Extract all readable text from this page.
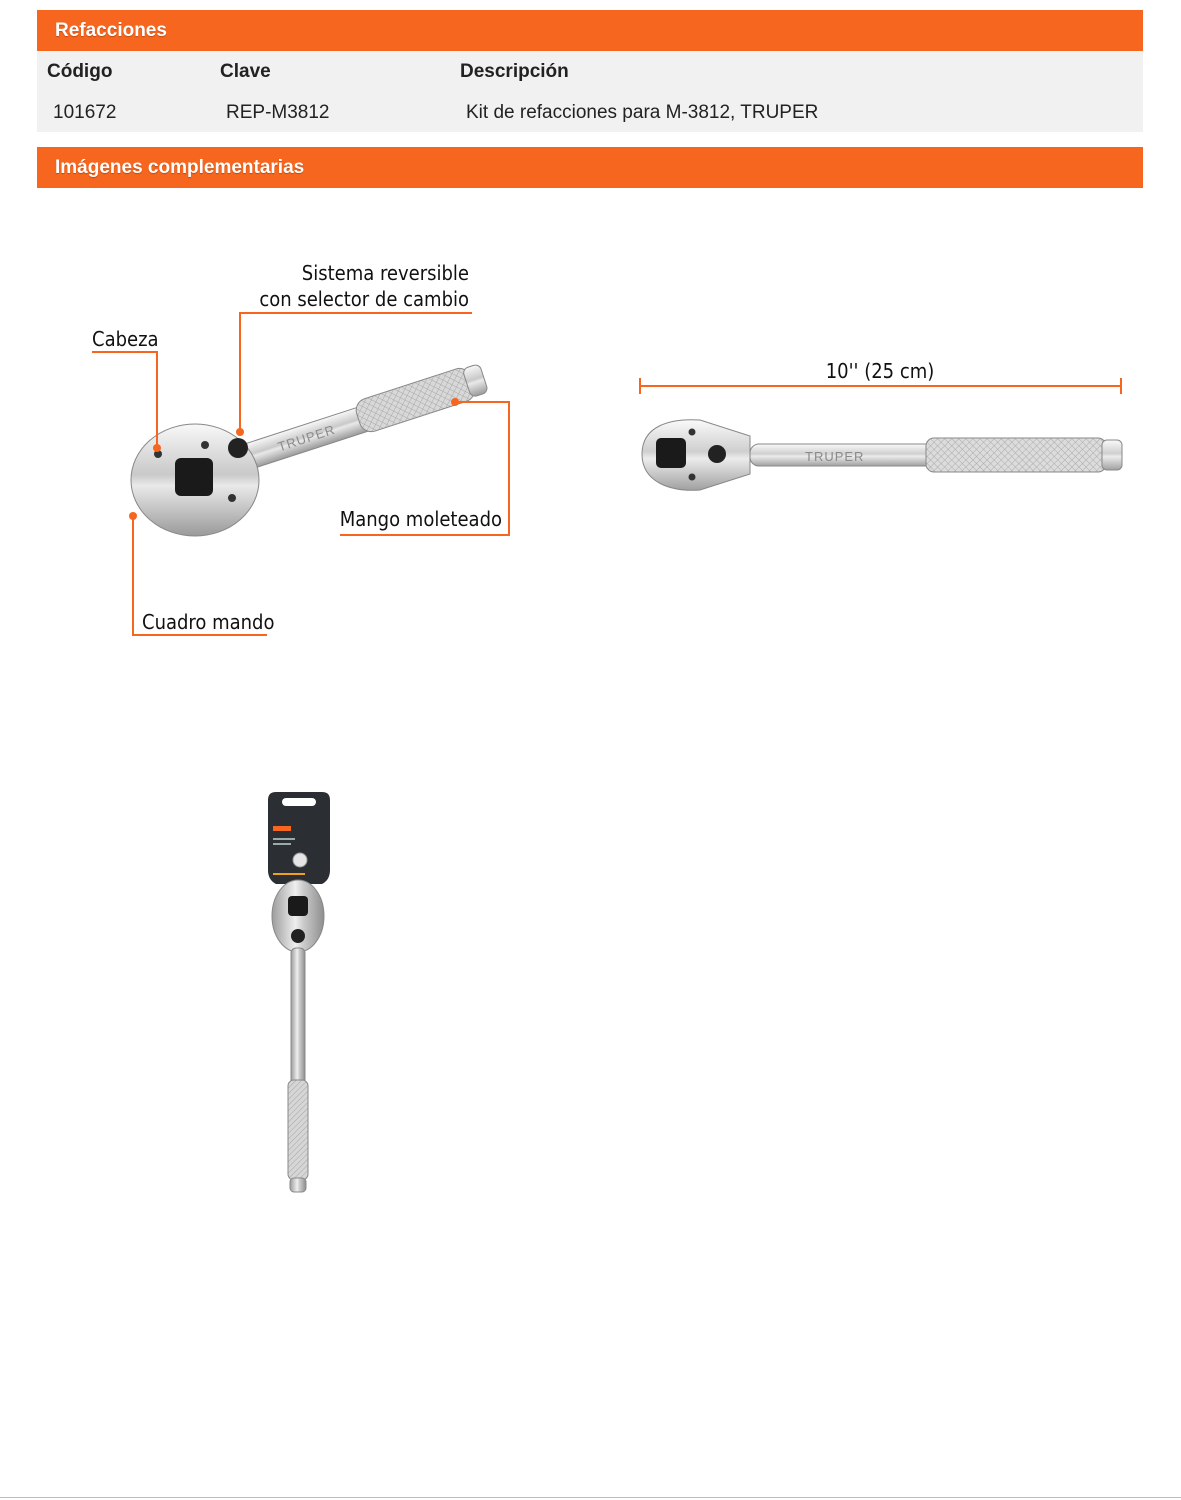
Refacciones
Código	Clave	Descripción
101672	REP-M3812	Kit de refacciones para M-3812, TRUPER
Imágenes complementarias
TRUPER
Sistema reversible
con selector de cambio
Cabeza
Mango moleteado
Cuadro mando
10'' (25 cm)
TRUPER
